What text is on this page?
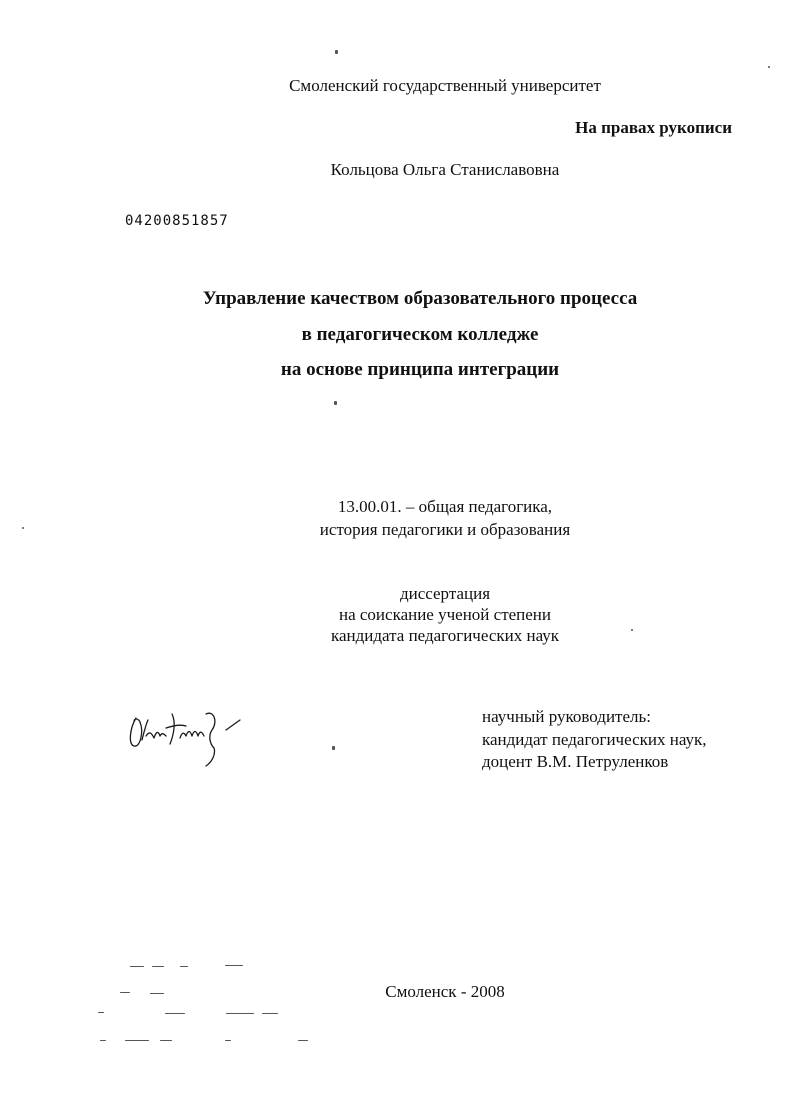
Смоленский государственный университет
На правах рукописи
Кольцова Ольга Станиславовна
04200851857
Управление качеством образовательного процесса
в педагогическом колледже
на основе принципа интеграции
13.00.01. – общая педагогика,
история педагогики и образования
диссертация
на соискание ученой степени
кандидата педагогических наук
научный руководитель:
кандидат педагогических наук,
доцент В.М. Петруленков
Смоленск - 2008
